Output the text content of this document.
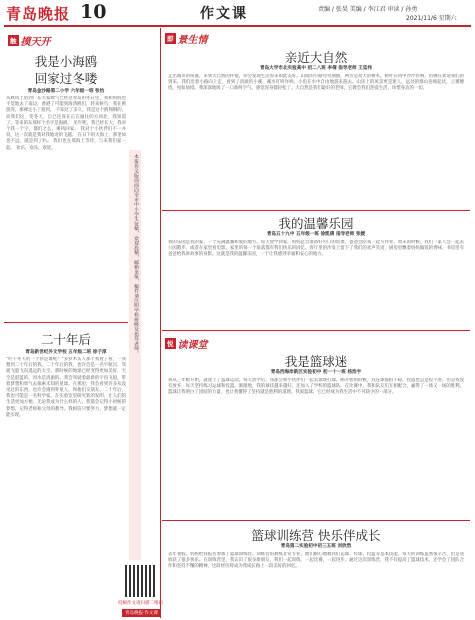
青岛晚报 10	作文课	责编 / 张昊 美编 / 李江君 审读 / 孙勇
2021/11/6 星期六
触 摸天开
我是小海鸥
回家过冬喽
青岛金沙路第二小学 六年级一班 张怡
从秋风上唇到广东大家欧气已经这青岛的冬日里，我和妈妈也不觉地去了南边，香港了可能到海湾鸥们，转来候鸟，我在鸥游湾，那裸定小了接到。 不知过了多久，我是这个鸥翔钢的，而我们这，变冬天，自已还真在正在通往的方回北，我知道了，等来的东那样个名字是海鸥。 见年呢，我已经长大，我对个我一个字，都们之么，乘风回家。 我对个小伙伴们不一并说，这一次就是我对我地北的飞越。 在日下的大海上，那里如也不远，就是到了吗。 我们也在那海上等待，与来我们家一起。 欢乐，欢乐，欢迎。
二十年后
青岛新世纪外文学校 五年级二班 徐子淳
"叶子冬天的一个你是谁呢？"多岁木头人那个我看了看，一我想到二十年后的我。二十年后的我，也许会是一名宇航员，驾驶飞船飞向遥远的太空。那时候的地球已经变得更加美好，天空是湛蓝的，河水是清澈的。我会驾驶着最新的宇宙飞船，带着梦想和勇气去探索未知的星球。在那里，我会看到许多从没见过的东西，也许会遇到外星人，和他们交朋友。二十年后，我也可能是一名科学家，在实验室里研究新的发明，让人们的生活更加方便。无论我成为什么样的人，我都会记得小时候的梦想，记得老师和父母的教导。我相信只要努力，梦想就一定能实现。
本报作文版面面向全市中小学生征稿，欢迎投稿，邮箱见报，稿件请注明学校班级及指导老师。
投稿作文请扫描二维码
青岛晚报·作文课
即 景生情
亲近大自然
青岛大学市北实验高中 初二八班 李倩 指导老师 王廷伟
走出城市的喧嚣，来到大自然的怀抱，你会发现生活原来如此美好。山间的小路弯弯曲曲，两旁是高大的树木，树叶在风中沙沙作响，仿佛在欢迎我们的到来。我们沿着小路向上走，看到了清澈的小溪，溪水叮咚作响，小鱼在水中自由地游来游去。山顶上的风景更是迷人，远处的群山连绵起伏，云雾缭绕，宛如仙境。我深深地吸了一口新鲜空气，感觉浑身都轻松了。大自然是我们最好的老师，它教会我们热爱生活，珍惜身边的一切。
我的温馨乐园
青岛五十九中 五年级一班 徐凯倩 指导老师 张媛
我的乐园是我的家，一个充满温馨和爱的地方。每天放学回家，妈妈总会准备好可口的饭菜，爸爸会陪我一起写作业。周末的时候，我们一家人会一起去公园散步，或者在家里看电影。家里的每一个角落都有我们快乐的回忆。客厅里的沙发上留下了我们的欢声笑语，厨房里飘着妈妈做饭的香味，书房里有爸爸给我讲故事的身影。这就是我的温馨乐园，一个让我感到幸福和安心的地方。
悦 读课堂
我是篮球迷
青岛西海岸新区实验初中 初一十一班 杨浩宇
我从三年级开始，就迷上了篮球运动。每天放学后，我都会和小伙伴们一起去球场打球。刚开始的时候，我连球都拍不稳，投篮也总是投不进。但是我没有放弃，每天坚持练习运球和投篮。渐渐地，我的球技越来越好，还加入了学校的篮球队。在比赛中，我和队友们互相配合，赢得了一场又一场的胜利。篮球让我明白了团结的力量，也让我懂得了坚持就是胜利的道理。我爱篮球，它已经成为我生活中不可缺少的一部分。
篮球训练营 快乐伴成长
青岛第二实验初中初三五班 刘欣然
去年暑假，妈妈给我报名参加了篮球训练营。训练营的教练非常专业，他们耐心地教我们运球、传球、投篮等基本技能。每天的训练虽然很辛苦，但是我收获了很多快乐。在训练营里，我认识了很多新朋友，我们一起训练，一起比赛，一起进步。通过这次训练营，我不仅提高了篮球技术，还学会了团队合作和坚持不懈的精神。这段经历将成为我成长路上一段美好的回忆。
